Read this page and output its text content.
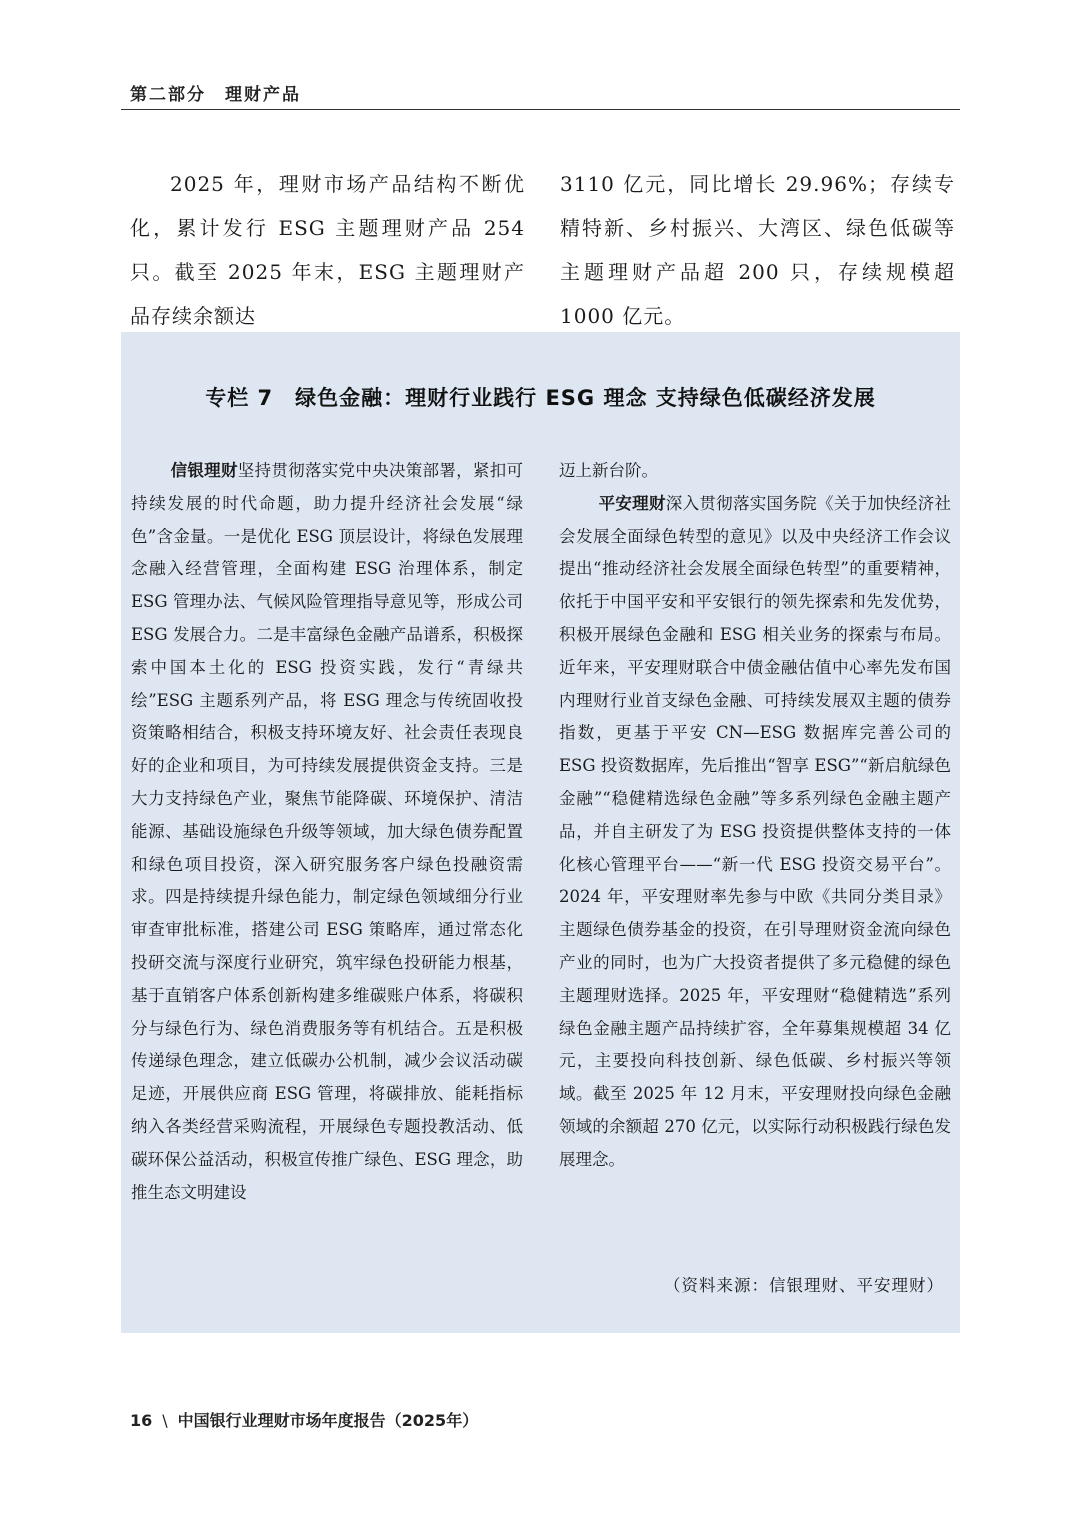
第二部分　理财产品

2025 年，理财市场产品结构不断优化，累计发行 ESG 主题理财产品 254 只。截至 2025 年末，ESG 主题理财产品存续余额达

3110 亿元，同比增长 29.96%；存续专精特新、乡村振兴、大湾区、绿色低碳等主题理财产品超 200 只，存续规模超 1000 亿元。

专栏 7　绿色金融：理财行业践行 ESG 理念 支持绿色低碳经济发展

信银理财坚持贯彻落实党中央决策部署，紧扣可持续发展的时代命题，助力提升经济社会发展“绿色”含金量。一是优化 ESG 顶层设计，将绿色发展理念融入经营管理，全面构建 ESG 治理体系，制定 ESG 管理办法、气候风险管理指导意见等，形成公司 ESG 发展合力。二是丰富绿色金融产品谱系，积极探索中国本土化的 ESG 投资实践，发行“青绿共绘”ESG 主题系列产品，将 ESG 理念与传统固收投资策略相结合，积极支持环境友好、社会责任表现良好的企业和项目，为可持续发展提供资金支持。三是大力支持绿色产业，聚焦节能降碳、环境保护、清洁能源、基础设施绿色升级等领域，加大绿色债券配置和绿色项目投资，深入研究服务客户绿色投融资需求。四是持续提升绿色能力，制定绿色领域细分行业审查审批标准，搭建公司 ESG 策略库，通过常态化投研交流与深度行业研究，筑牢绿色投研能力根基，基于直销客户体系创新构建多维碳账户体系，将碳积分与绿色行为、绿色消费服务等有机结合。五是积极传递绿色理念，建立低碳办公机制，减少会议活动碳足迹，开展供应商 ESG 管理，将碳排放、能耗指标纳入各类经营采购流程，开展绿色专题投教活动、低碳环保公益活动，积极宣传推广绿色、ESG 理念，助推生态文明建设

迈上新台阶。

平安理财深入贯彻落实国务院《关于加快经济社会发展全面绿色转型的意见》以及中央经济工作会议提出“推动经济社会发展全面绿色转型”的重要精神，依托于中国平安和平安银行的领先探索和先发优势，积极开展绿色金融和 ESG 相关业务的探索与布局。近年来，平安理财联合中债金融估值中心率先发布国内理财行业首支绿色金融、可持续发展双主题的债券指数，更基于平安 CN—ESG 数据库完善公司的 ESG 投资数据库，先后推出“智享 ESG”“新启航绿色金融”“稳健精选绿色金融”等多系列绿色金融主题产品，并自主研发了为 ESG 投资提供整体支持的一体化核心管理平台——“新一代 ESG 投资交易平台”。2024 年，平安理财率先参与中欧《共同分类目录》主题绿色债券基金的投资，在引导理财资金流向绿色产业的同时，也为广大投资者提供了多元稳健的绿色主题理财选择。2025 年，平安理财“稳健精选”系列绿色金融主题产品持续扩容，全年募集规模超 34 亿元，主要投向科技创新、绿色低碳、乡村振兴等领域。截至 2025 年 12 月末，平安理财投向绿色金融领域的余额超 270 亿元，以实际行动积极践行绿色发展理念。

（资料来源：信银理财、平安理财）
16 \ 中国银行业理财市场年度报告（2025年）
